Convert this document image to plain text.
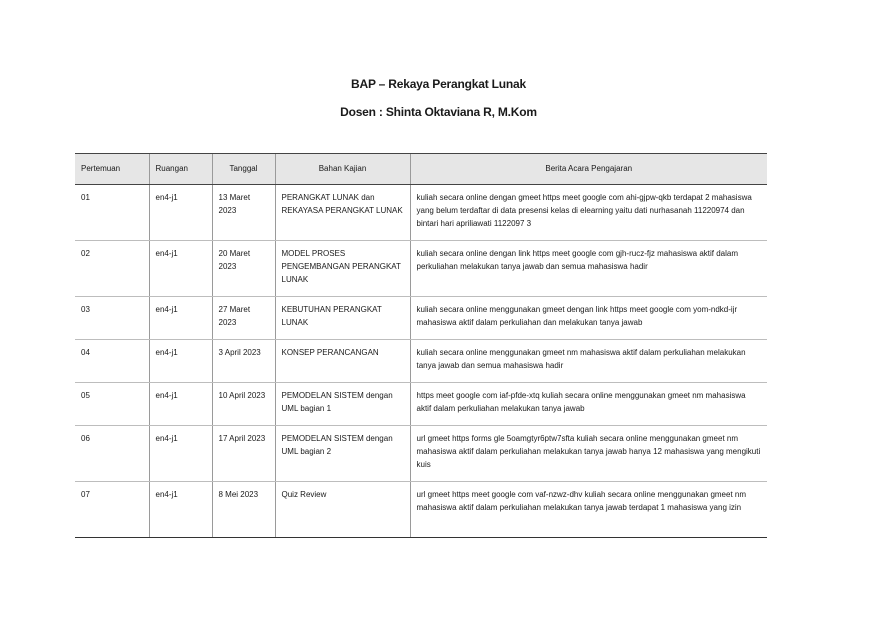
BAP – Rekaya Perangkat Lunak
Dosen : Shinta Oktaviana R, M.Kom
Pertemuan	Ruangan	Tanggal	Bahan Kajian	Berita Acara Pengajaran
01	en4-j1	13 Maret 2023	PERANGKAT LUNAK dan REKAYASA PERANGKAT LUNAK	kuliah secara online dengan gmeet https meet google com ahi-gjpw-qkb terdapat 2 mahasiswa yang belum terdaftar di data presensi kelas di elearning yaitu dati nurhasanah 11220974 dan bintari hari apriliawati 1122097 3
02	en4-j1	20 Maret 2023	MODEL PROSES PENGEMBANGAN PERANGKAT LUNAK	kuliah secara online dengan link https meet google com gjh-rucz-fjz mahasiswa aktif dalam perkuliahan melakukan tanya jawab dan semua mahasiswa hadir
03	en4-j1	27 Maret 2023	KEBUTUHAN PERANGKAT LUNAK	kuliah secara online menggunakan gmeet dengan link https meet google com yom-ndkd-ijr mahasiswa aktif dalam perkuliahan dan melakukan tanya jawab
04	en4-j1	3 April 2023	KONSEP PERANCANGAN	kuliah secara online menggunakan gmeet nm mahasiswa aktif dalam perkuliahan melakukan tanya jawab dan semua mahasiswa hadir
05	en4-j1	10 April 2023	PEMODELAN SISTEM dengan UML bagian 1	https meet google com iaf-pfde-xtq kuliah secara online menggunakan gmeet nm mahasiswa aktif dalam perkuliahan melakukan tanya jawab
06	en4-j1	17 April 2023	PEMODELAN SISTEM dengan UML bagian 2	url gmeet https forms gle 5oamgtyr6ptw7sfta kuliah secara online menggunakan gmeet nm mahasiswa aktif dalam perkuliahan melakukan tanya jawab hanya 12 mahasiswa yang mengikuti kuis
07	en4-j1	8 Mei 2023	Quiz Review	url gmeet https meet google com vaf-nzwz-dhv kuliah secara online menggunakan gmeet nm mahasiswa aktif dalam perkuliahan melakukan tanya jawab terdapat 1 mahasiswa yang izin
